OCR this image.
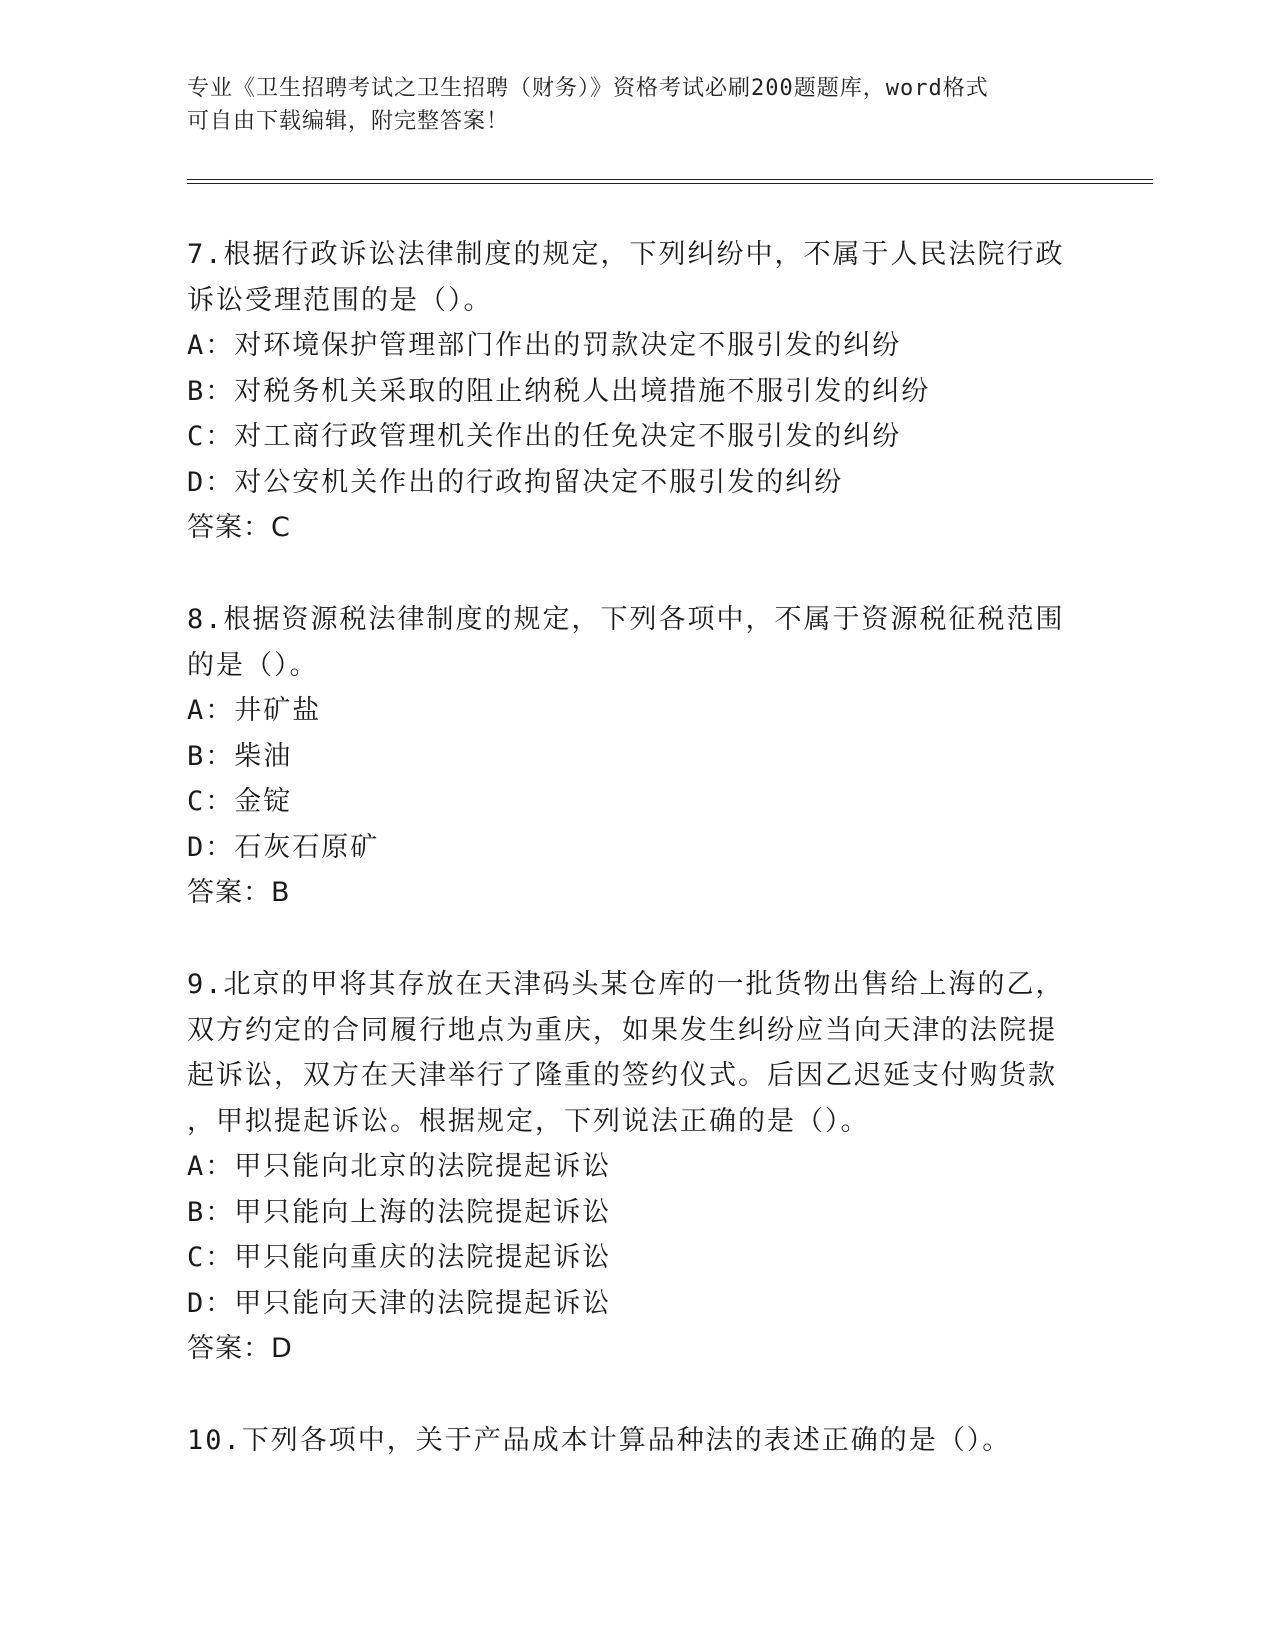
专业《卫生招聘考试之卫生招聘（财务）》资格考试必刷200题题库，word格式
可自由下载编辑，附完整答案！
7.根据行政诉讼法律制度的规定，下列纠纷中，不属于人民法院行政
诉讼受理范围的是（）。
A：对环境保护管理部门作出的罚款决定不服引发的纠纷
B：对税务机关采取的阻止纳税人出境措施不服引发的纠纷
C：对工商行政管理机关作出的任免决定不服引发的纠纷
D：对公安机关作出的行政拘留决定不服引发的纠纷
答案：C
8.根据资源税法律制度的规定，下列各项中，不属于资源税征税范围
的是（）。
A：井矿盐
B：柴油
C：金锭
D：石灰石原矿
答案：B
9.北京的甲将其存放在天津码头某仓库的一批货物出售给上海的乙，
双方约定的合同履行地点为重庆，如果发生纠纷应当向天津的法院提
起诉讼，双方在天津举行了隆重的签约仪式。后因乙迟延支付购货款
，甲拟提起诉讼。根据规定，下列说法正确的是（）。
A：甲只能向北京的法院提起诉讼
B：甲只能向上海的法院提起诉讼
C：甲只能向重庆的法院提起诉讼
D：甲只能向天津的法院提起诉讼
答案：D
10.下列各项中，关于产品成本计算品种法的表述正确的是（）。
